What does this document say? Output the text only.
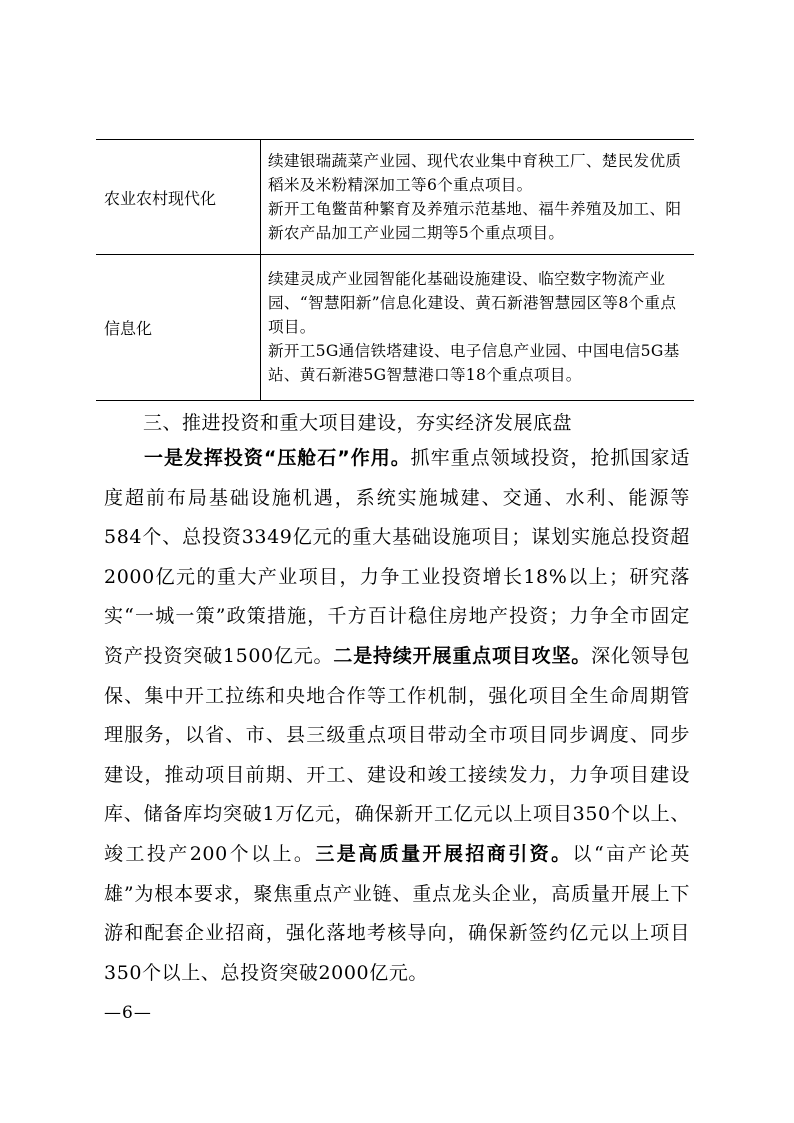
农业农村现代化	续建银瑞蔬菜产业园、现代农业集中育秧工厂、楚民发优质稻米及米粉精深加工等6个重点项目。

新开工龟鳖苗种繁育及养殖示范基地、福牛养殖及加工、阳新农产品加工产业园二期等5个重点项目。

信息化	续建灵成产业园智能化基础设施建设、临空数字物流产业园、“智慧阳新”信息化建设、黄石新港智慧园区等8个重点项目。

新开工5G通信铁塔建设、电子信息产业园、中国电信5G基站、黄石新港5G智慧港口等18个重点项目。

三、推进投资和重大项目建设，夯实经济发展底盘

一是发挥投资“压舱石”作用。抓牢重点领域投资，抢抓国家适度超前布局基础设施机遇，系统实施城建、交通、水利、能源等584个、总投资3349亿元的重大基础设施项目；谋划实施总投资超2000亿元的重大产业项目，力争工业投资增长18%以上；研究落实“一城一策”政策措施，千方百计稳住房地产投资；力争全市固定资产投资突破1500亿元。二是持续开展重点项目攻坚。深化领导包保、集中开工拉练和央地合作等工作机制，强化项目全生命周期管理服务，以省、市、县三级重点项目带动全市项目同步调度、同步建设，推动项目前期、开工、建设和竣工接续发力，力争项目建设库、储备库均突破1万亿元，确保新开工亿元以上项目350个以上、竣工投产200个以上。三是高质量开展招商引资。以“亩产论英雄”为根本要求，聚焦重点产业链、重点龙头企业，高质量开展上下游和配套企业招商，强化落地考核导向，确保新签约亿元以上项目350个以上、总投资突破2000亿元。

—6—
